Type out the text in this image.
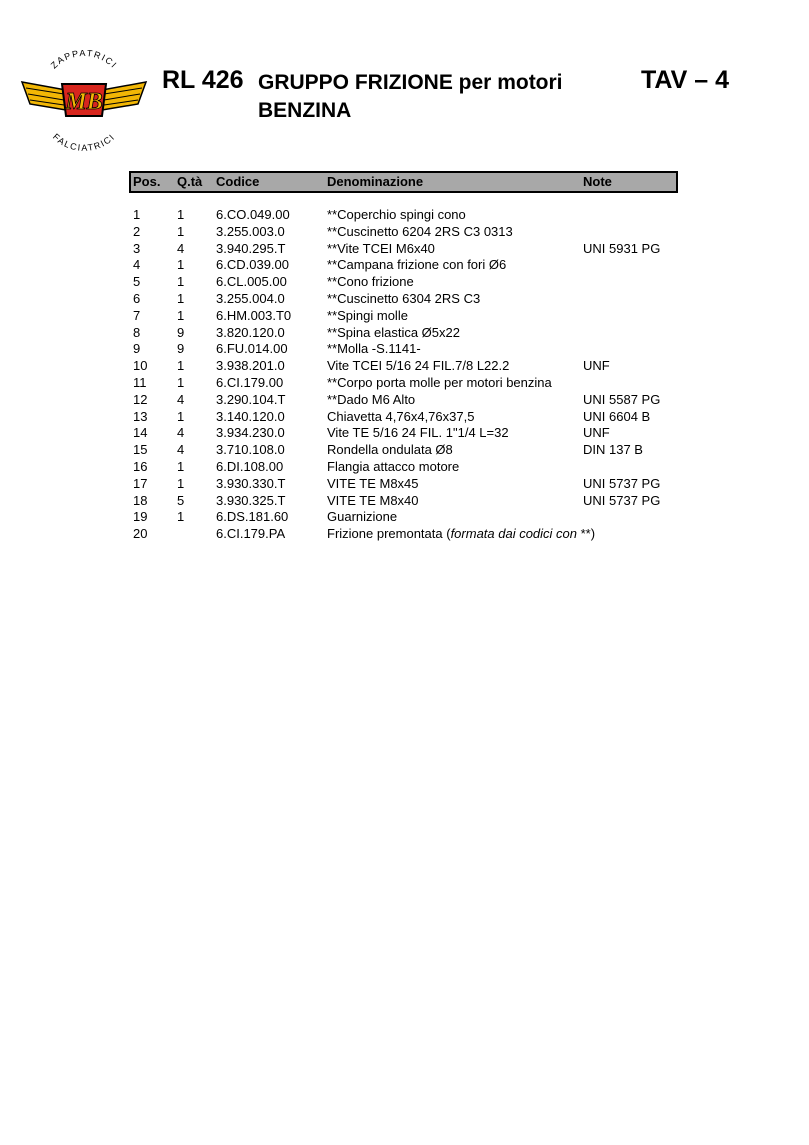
MB
ZAPPATRICI
FALCIATRICI
RL 426 GRUPPO FRIZIONE per motori
BENZINA
TAV – 4
Pos. Q.tà Codice	Denominazione	Note
1	1 6.CO.049.00	**Coperchio spingi cono
2	1 3.255.003.0	**Cuscinetto 6204 2RS C3 0313
3	4 3.940.295.T	**Vite TCEI M6x40	UNI 5931 PG
4	1 6.CD.039.00	**Campana frizione con fori Ø6
5	1 6.CL.005.00	**Cono frizione
6	1 3.255.004.0	**Cuscinetto 6304 2RS C3
7	1 6.HM.003.T0	**Spingi molle
8	9 3.820.120.0	**Spina elastica Ø5x22
9	9 6.FU.014.00	**Molla -S.1141-
10 1 3.938.201.0	Vite TCEI 5/16 24 FIL.7/8 L22.2	UNF
11 1 6.CI.179.00	**Corpo porta molle per motori benzina
12 4 3.290.104.T	**Dado M6 Alto	UNI 5587 PG
13 1 3.140.120.0	Chiavetta 4,76x4,76x37,5	UNI 6604 B
14 4 3.934.230.0	Vite TE 5/16 24 FIL. 1"1/4 L=32	UNF
15 4 3.710.108.0	Rondella ondulata Ø8	DIN 137 B
16 1 6.DI.108.00	Flangia attacco motore
17 1 3.930.330.T	VITE TE M8x45	UNI 5737 PG
18 5 3.930.325.T	VITE TE M8x40	UNI 5737 PG
19 1 6.DS.181.60	Guarnizione
20	6.CI.179.PA	Frizione premontata (formata dai codici con **)
